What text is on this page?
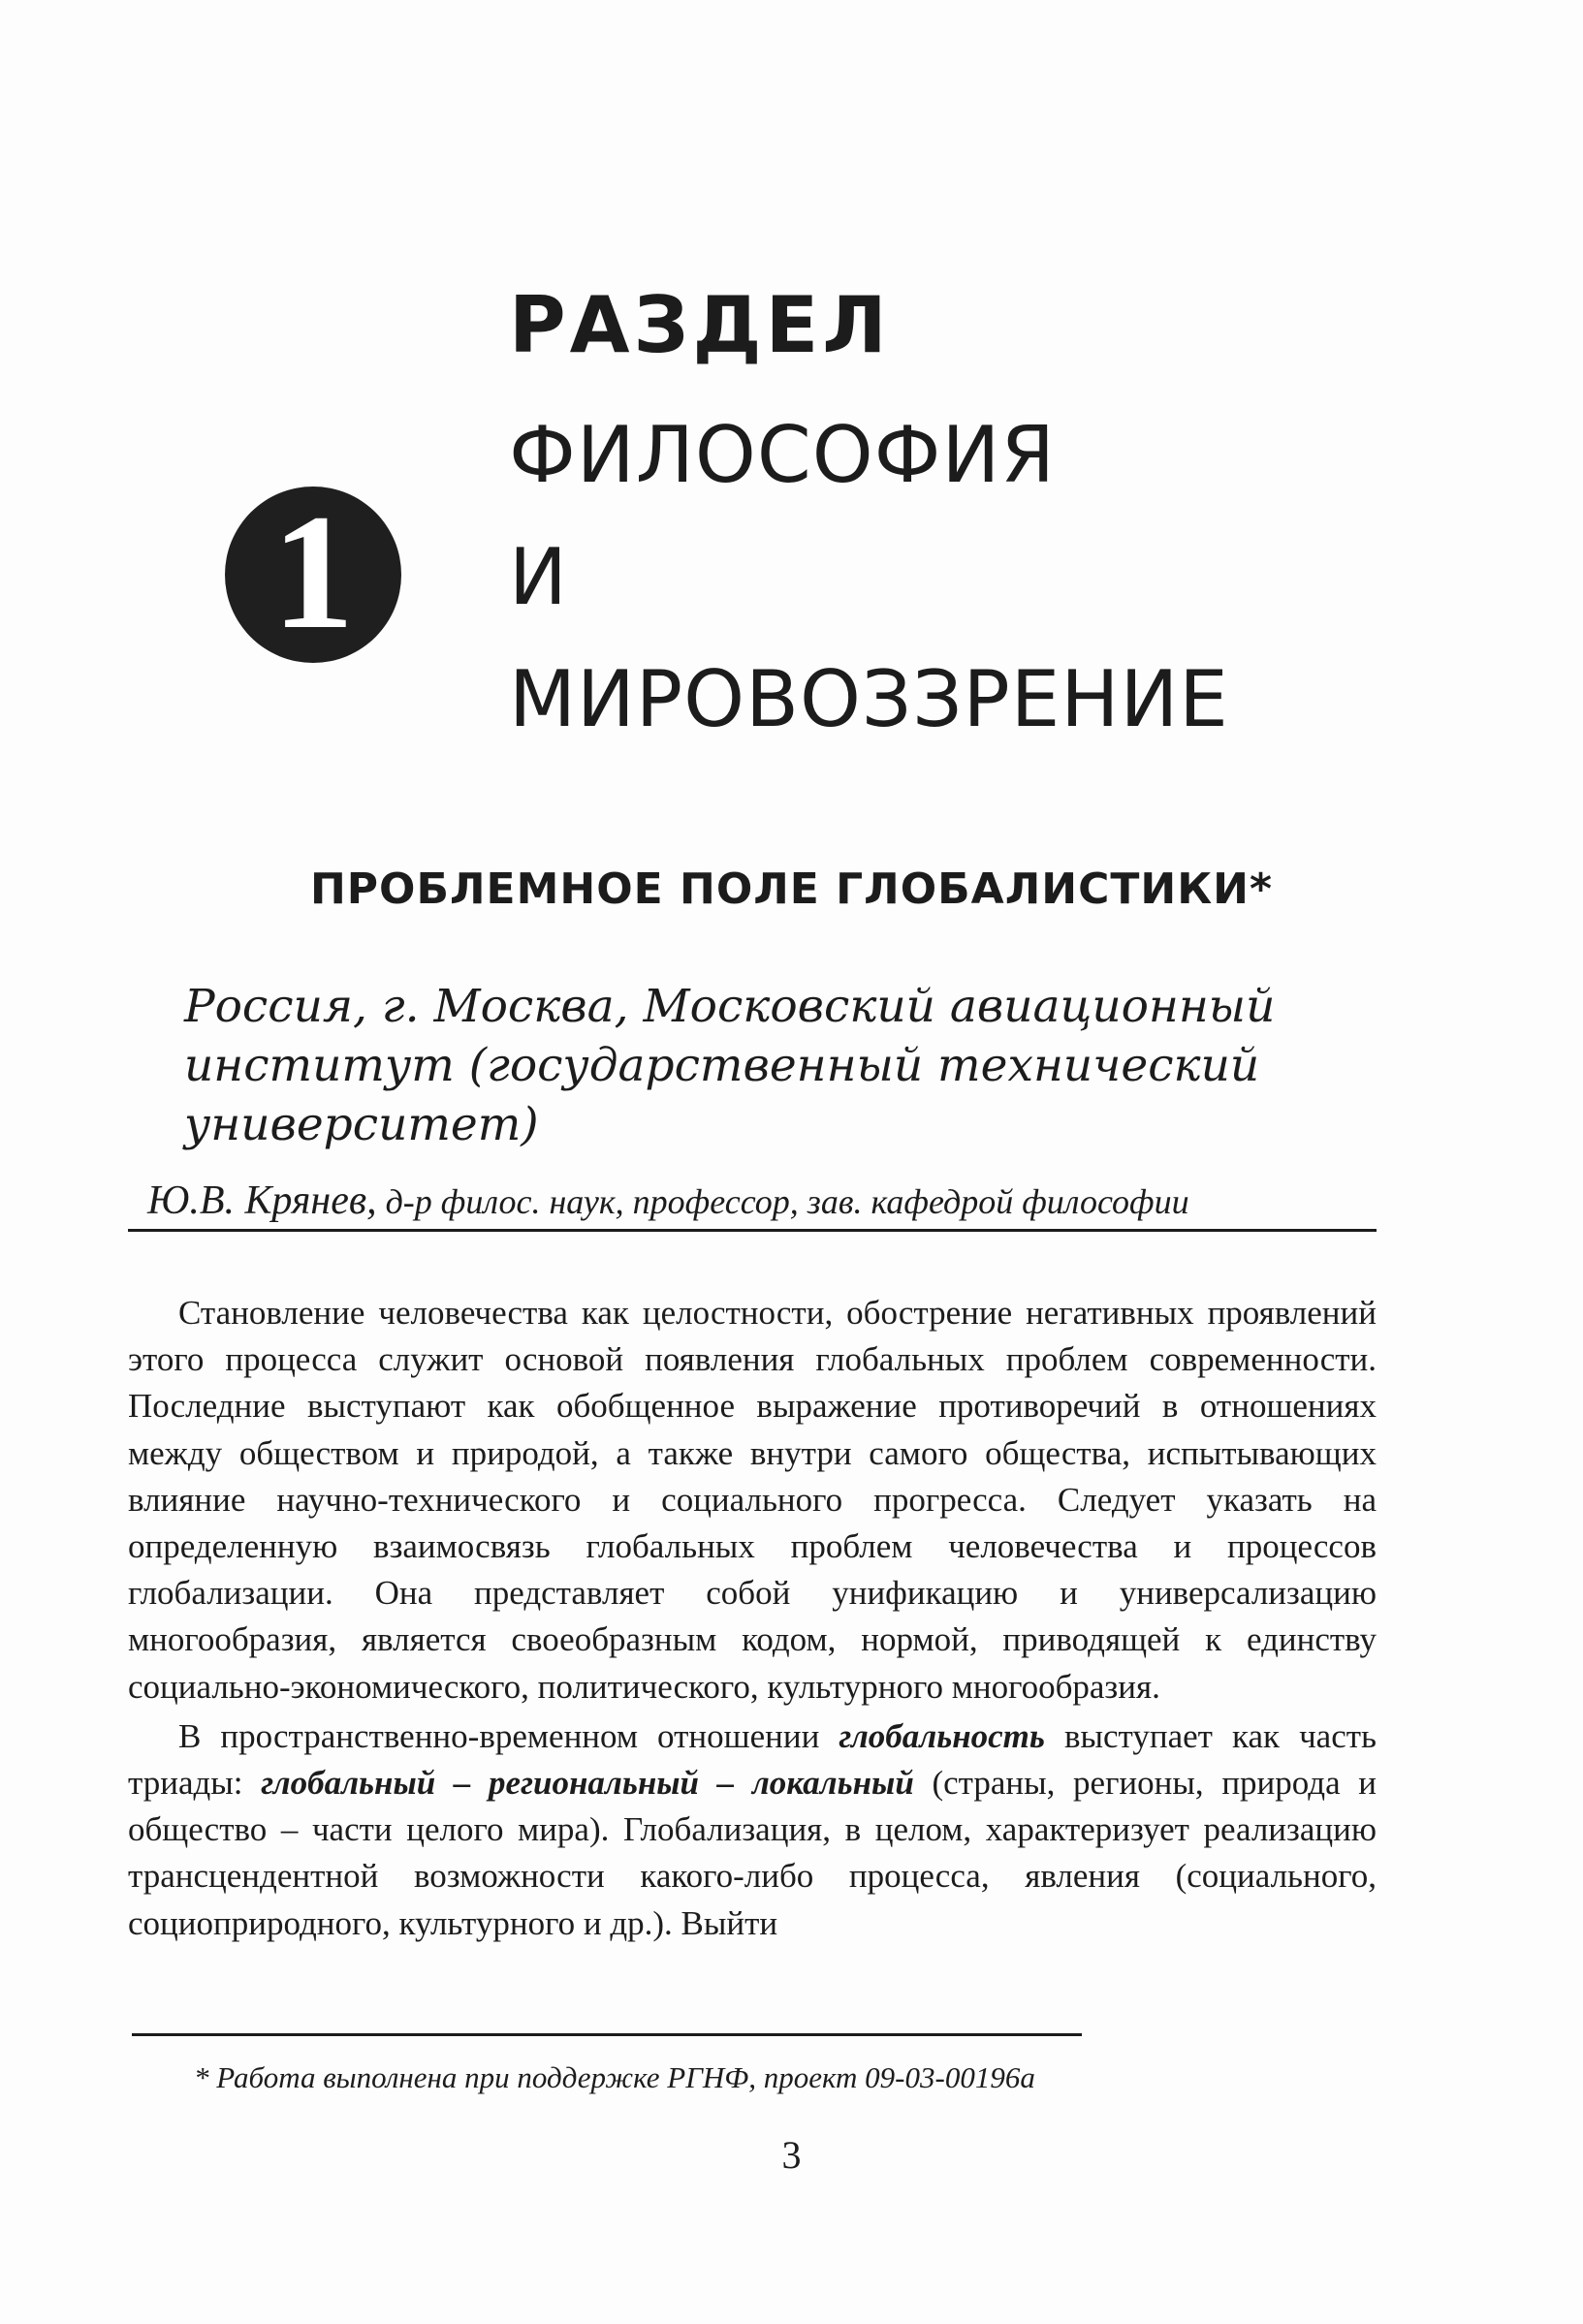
1
РАЗДЕЛ
ФИЛОСОФИЯ
И
МИРОВОЗЗРЕНИЕ
ПРОБЛЕМНОЕ ПОЛЕ ГЛОБАЛИСТИКИ*
Россия, г. Москва, Московский авиационный институт (государственный технический университет)
Ю.В. Крянев, д-р филос. наук, профессор, зав. кафедрой философии

Становление человечества как целостности, обострение негативных проявлений этого процесса служит основой появления глобальных проблем современности. Последние выступают как обобщенное выражение противоречий в отношениях между обществом и природой, а также внутри самого общества, испытывающих влияние научно-технического и социального прогресса. Следует указать на определенную взаимосвязь глобальных проблем человечества и процессов глобализации. Она представляет собой унификацию и универсализацию многообразия, является своеобразным кодом, нормой, приводящей к единству социально-экономического, политического, культурного многообразия.

В пространственно-временном отношении глобальность выступает как часть триады: глобальный – региональный – локальный (страны, регионы, природа и общество – части целого мира). Глобализация, в целом, характеризует реализацию трансцендентной возможности какого-либо процесса, явления (социального, социоприродного, культурного и др.). Выйти

* Работа выполнена при поддержке РГНФ, проект 09-03-00196а
3
